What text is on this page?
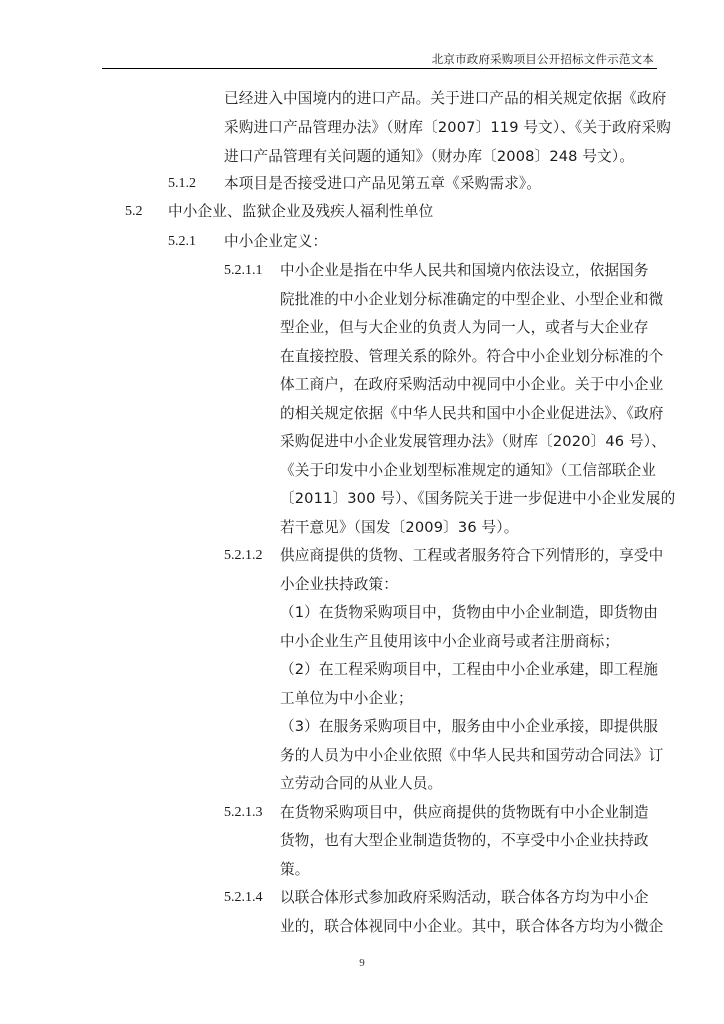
北京市政府采购项目公开招标文件示范文本
已经进入中国境内的进口产品。关于进口产品的相关规定依据《政府
采购进口产品管理办法》（财库〔2007〕119 号文）、《关于政府采购
进口产品管理有关问题的通知》（财办库〔2008〕248 号文）。
5.1.2 本项目是否接受进口产品见第五章《采购需求》。
5.2 中小企业、监狱企业及残疾人福利性单位
5.2.1 中小企业定义：
5.2.1.1 中小企业是指在中华人民共和国境内依法设立，依据国务
院批准的中小企业划分标准确定的中型企业、小型企业和微
型企业，但与大企业的负责人为同一人，或者与大企业存
在直接控股、管理关系的除外。符合中小企业划分标准的个
体工商户，在政府采购活动中视同中小企业。关于中小企业
的相关规定依据《中华人民共和国中小企业促进法》、《政府
采购促进中小企业发展管理办法》（财库〔2020〕46 号）、
《关于印发中小企业划型标准规定的通知》（工信部联企业
〔2011〕300 号）、《国务院关于进一步促进中小企业发展的
若干意见》（国发〔2009〕36 号）。
5.2.1.2 供应商提供的货物、工程或者服务符合下列情形的，享受中
小企业扶持政策：
（1）在货物采购项目中，货物由中小企业制造，即货物由
中小企业生产且使用该中小企业商号或者注册商标；
（2）在工程采购项目中，工程由中小企业承建，即工程施
工单位为中小企业；
（3）在服务采购项目中，服务由中小企业承接，即提供服
务的人员为中小企业依照《中华人民共和国劳动合同法》订
立劳动合同的从业人员。
5.2.1.3 在货物采购项目中，供应商提供的货物既有中小企业制造
货物，也有大型企业制造货物的，不享受中小企业扶持政
策。
5.2.1.4 以联合体形式参加政府采购活动，联合体各方均为中小企
业的，联合体视同中小企业。其中，联合体各方均为小微企
9
